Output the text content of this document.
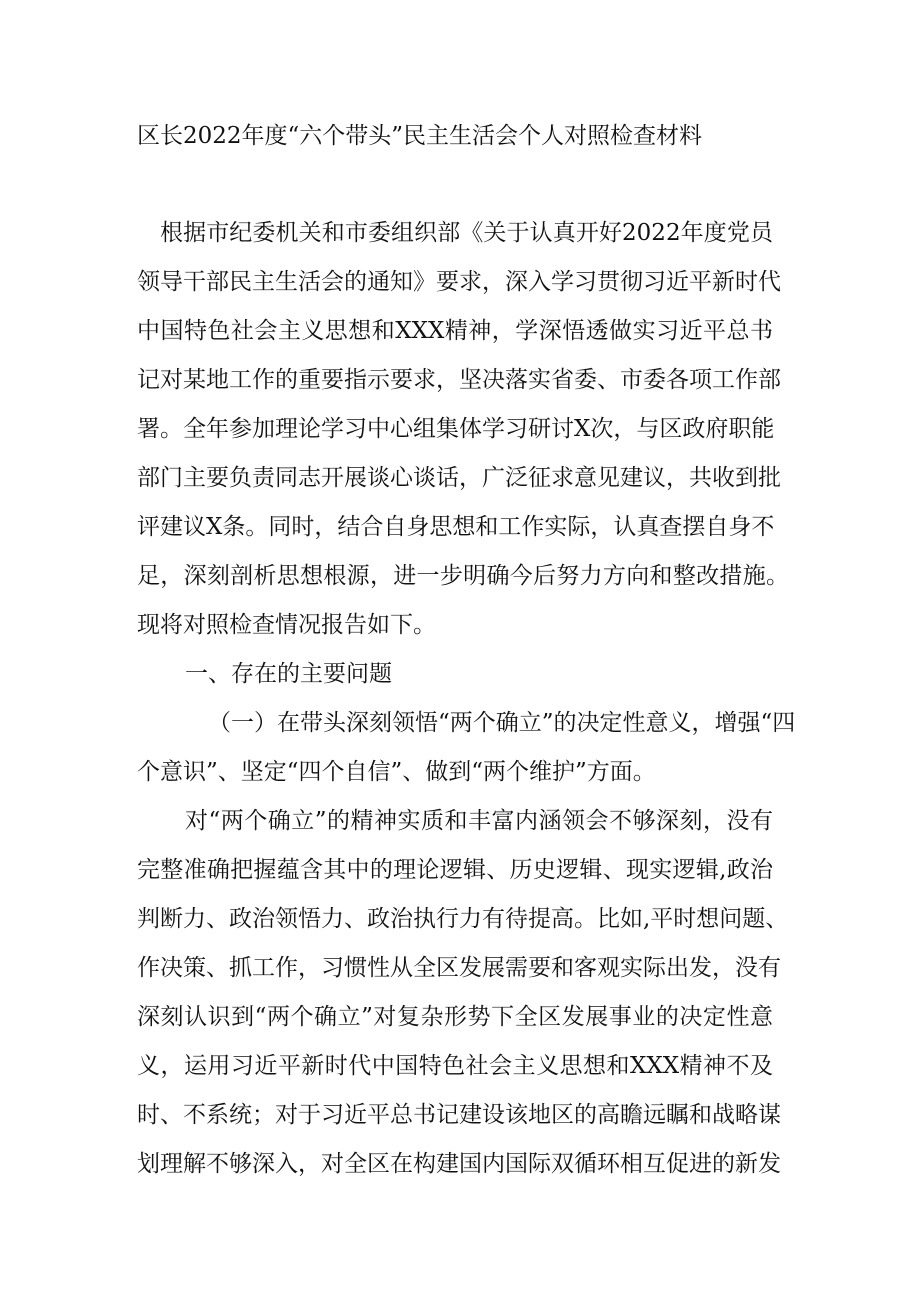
区长2022年度“六个带头”民主生活会个人对照检查材料
根据市纪委机关和市委组织部《关于认真开好2022年度党员
领导干部民主生活会的通知》要求，深入学习贯彻习近平新时代
中国特色社会主义思想和XXX精神，学深悟透做实习近平总书
记对某地工作的重要指示要求，坚决落实省委、市委各项工作部
署。全年参加理论学习中心组集体学习研讨X次，与区政府职能
部门主要负责同志开展谈心谈话，广泛征求意见建议，共收到批
评建议X条。同时，结合自身思想和工作实际，认真查摆自身不
足，深刻剖析思想根源，进一步明确今后努力方向和整改措施。
现将对照检查情况报告如下。
一、存在的主要问题
（一）在带头深刻领悟“两个确立”的决定性意义，增强“四
个意识”、坚定“四个自信”、做到“两个维护”方面。
对“两个确立”的精神实质和丰富内涵领会不够深刻，没有
完整准确把握蕴含其中的理论逻辑、历史逻辑、现实逻辑,政治
判断力、政治领悟力、政治执行力有待提高。比如,平时想问题、
作决策、抓工作，习惯性从全区发展需要和客观实际出发，没有
深刻认识到“两个确立”对复杂形势下全区发展事业的决定性意
义，运用习近平新时代中国特色社会主义思想和XXX精神不及
时、不系统；对于习近平总书记建设该地区的高瞻远瞩和战略谋
划理解不够深入，对全区在构建国内国际双循环相互促进的新发
